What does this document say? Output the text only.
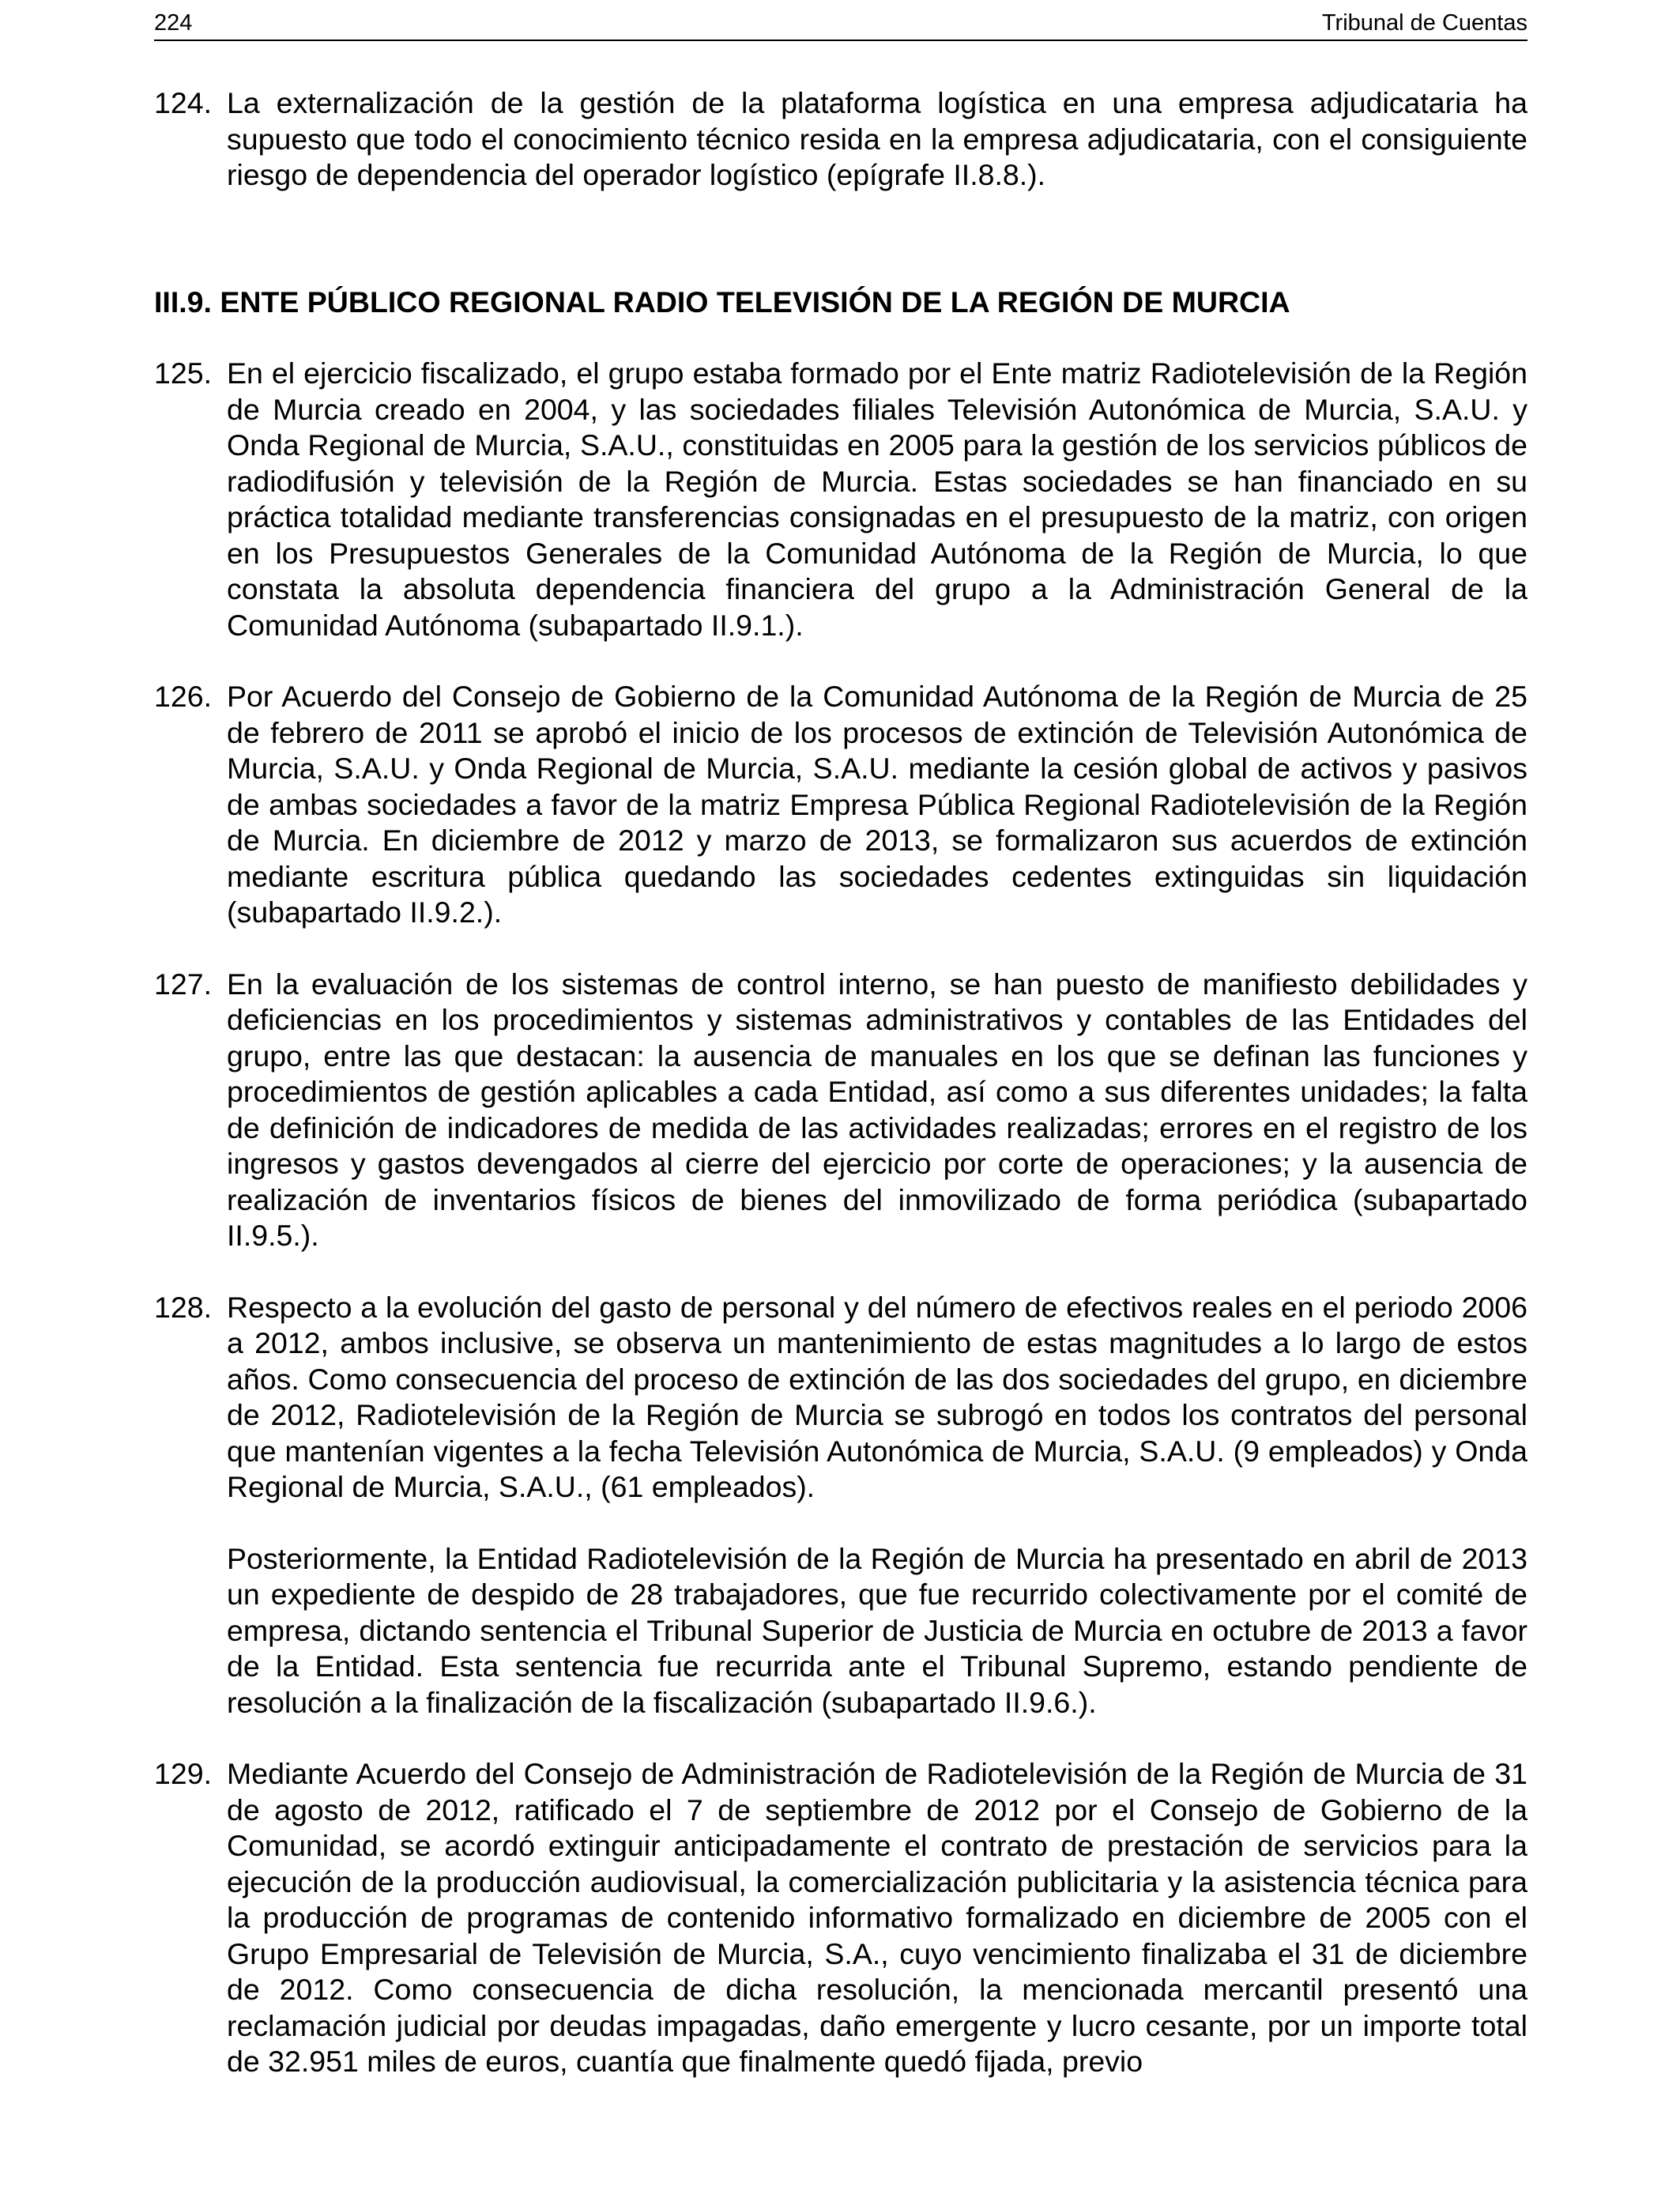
224	Tribunal de Cuentas

124. La externalización de la gestión de la plataforma logística en una empresa adjudicataria ha supuesto que todo el conocimiento técnico resida en la empresa adjudicataria, con el consiguiente riesgo de dependencia del operador logístico (epígrafe II.8.8.).

III.9. ENTE PÚBLICO REGIONAL RADIO TELEVISIÓN DE LA REGIÓN DE MURCIA

125. En el ejercicio fiscalizado, el grupo estaba formado por el Ente matriz Radiotelevisión de la Región de Murcia creado en 2004, y las sociedades filiales Televisión Autonómica de Murcia, S.A.U. y Onda Regional de Murcia, S.A.U., constituidas en 2005 para la gestión de los servicios públicos de radiodifusión y televisión de la Región de Murcia. Estas sociedades se han financiado en su práctica totalidad mediante transferencias consignadas en el presupuesto de la matriz, con origen en los Presupuestos Generales de la Comunidad Autónoma de la Región de Murcia, lo que constata la absoluta dependencia financiera del grupo a la Administración General de la Comunidad Autónoma (subapartado II.9.1.).

126. Por Acuerdo del Consejo de Gobierno de la Comunidad Autónoma de la Región de Murcia de 25 de febrero de 2011 se aprobó el inicio de los procesos de extinción de Televisión Autonómica de Murcia, S.A.U. y Onda Regional de Murcia, S.A.U. mediante la cesión global de activos y pasivos de ambas sociedades a favor de la matriz Empresa Pública Regional Radiotelevisión de la Región de Murcia. En diciembre de 2012 y marzo de 2013, se formalizaron sus acuerdos de extinción mediante escritura pública quedando las sociedades cedentes extinguidas sin liquidación (subapartado II.9.2.).

127. En la evaluación de los sistemas de control interno, se han puesto de manifiesto debilidades y deficiencias en los procedimientos y sistemas administrativos y contables de las Entidades del grupo, entre las que destacan: la ausencia de manuales en los que se definan las funciones y procedimientos de gestión aplicables a cada Entidad, así como a sus diferentes unidades; la falta de definición de indicadores de medida de las actividades realizadas; errores en el registro de los ingresos y gastos devengados al cierre del ejercicio por corte de operaciones; y la ausencia de realización de inventarios físicos de bienes del inmovilizado de forma periódica (subapartado II.9.5.).

128. Respecto a la evolución del gasto de personal y del número de efectivos reales en el periodo 2006 a 2012, ambos inclusive, se observa un mantenimiento de estas magnitudes a lo largo de estos años. Como consecuencia del proceso de extinción de las dos sociedades del grupo, en diciembre de 2012, Radiotelevisión de la Región de Murcia se subrogó en todos los contratos del personal que mantenían vigentes a la fecha Televisión Autonómica de Murcia, S.A.U. (9 empleados) y Onda Regional de Murcia, S.A.U., (61 empleados).

Posteriormente, la Entidad Radiotelevisión de la Región de Murcia ha presentado en abril de 2013 un expediente de despido de 28 trabajadores, que fue recurrido colectivamente por el comité de empresa, dictando sentencia el Tribunal Superior de Justicia de Murcia en octubre de 2013 a favor de la Entidad. Esta sentencia fue recurrida ante el Tribunal Supremo, estando pendiente de resolución a la finalización de la fiscalización (subapartado II.9.6.).

129. Mediante Acuerdo del Consejo de Administración de Radiotelevisión de la Región de Murcia de 31 de agosto de 2012, ratificado el 7 de septiembre de 2012 por el Consejo de Gobierno de la Comunidad, se acordó extinguir anticipadamente el contrato de prestación de servicios para la ejecución de la producción audiovisual, la comercialización publicitaria y la asistencia técnica para la producción de programas de contenido informativo formalizado en diciembre de 2005 con el Grupo Empresarial de Televisión de Murcia, S.A., cuyo vencimiento finalizaba el 31 de diciembre de 2012. Como consecuencia de dicha resolución, la mencionada mercantil presentó una reclamación judicial por deudas impagadas, daño emergente y lucro cesante, por un importe total de 32.951 miles de euros, cuantía que finalmente quedó fijada, previo
